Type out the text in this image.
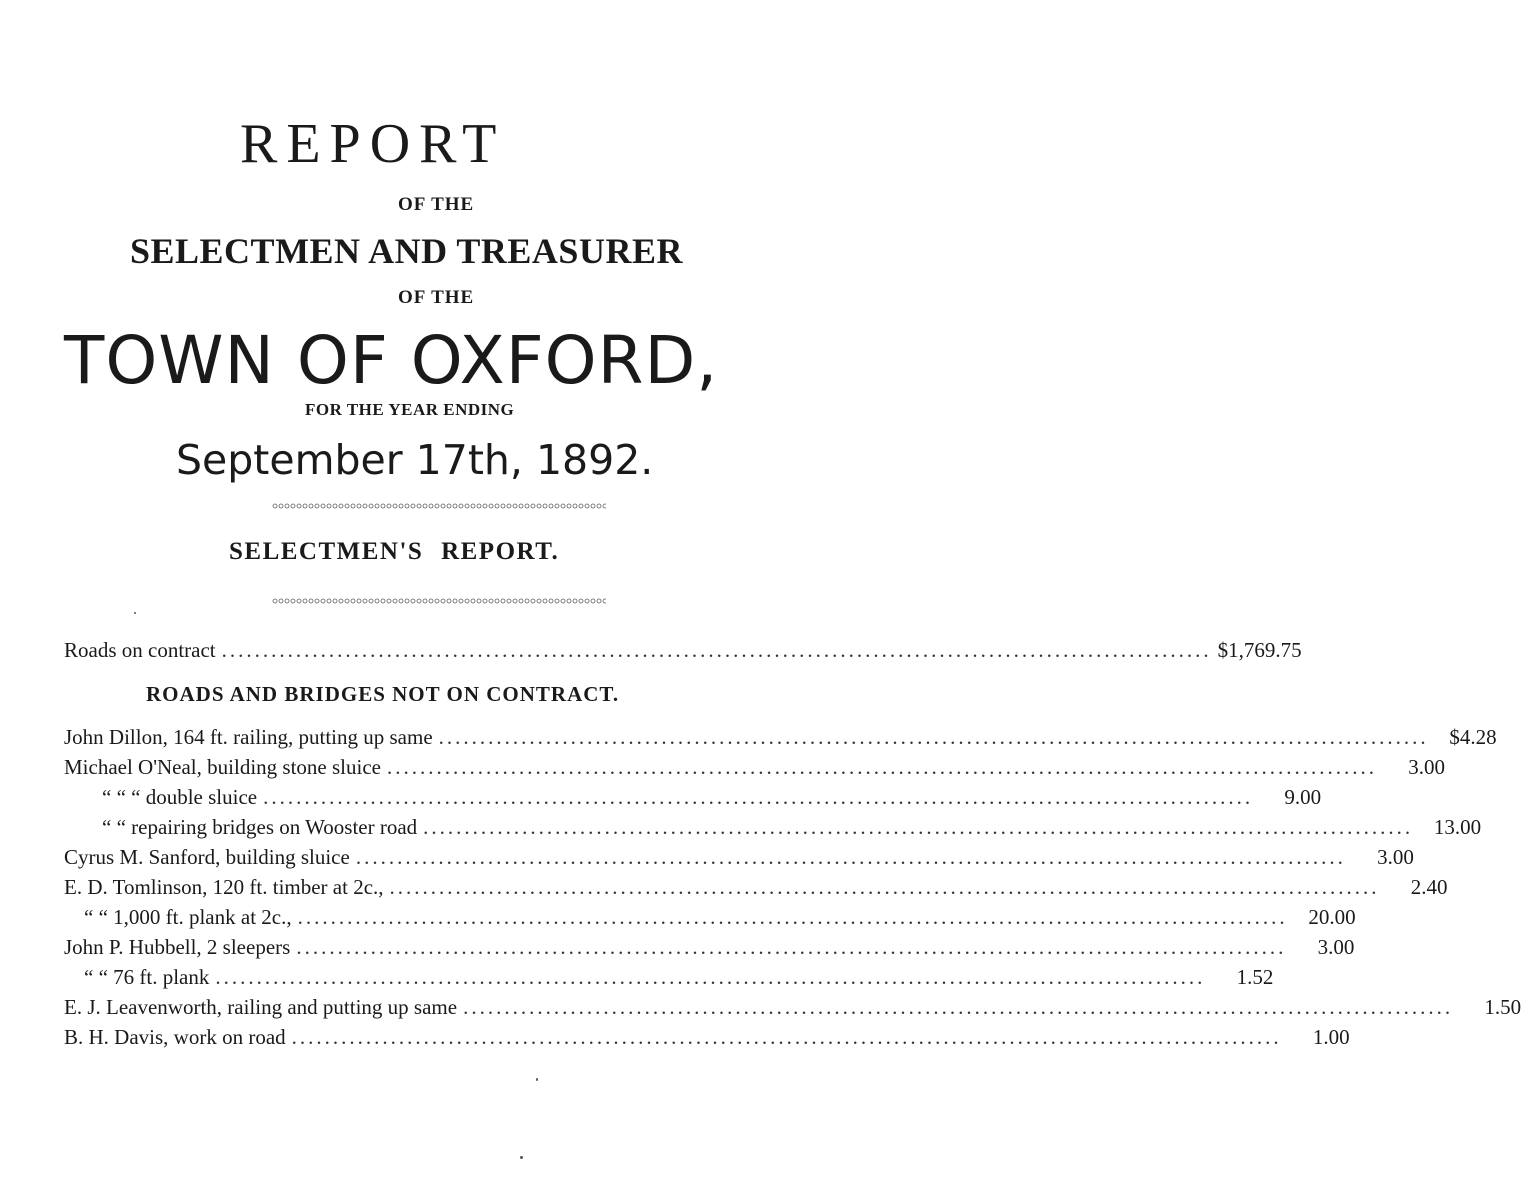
REPORT
OF THE
SELECTMEN AND TREASURER
OF THE
TOWN OF OXFORD,
FOR THE YEAR ENDING
September 17th, 1892.
SELECTMEN'S REPORT.
Roads on contract ........................................................................................................................ $1,769.75
ROADS AND BRIDGES NOT ON CONTRACT.
John Dillon, 164 ft. railing, putting up same ........................................................................................................................ $4.28
Michael O'Neal, building stone sluice ........................................................................................................................	3.00
“ “ “ double sluice ........................................................................................................................	9.00
“ “ repairing bridges on Wooster road ........................................................................................................................ 13.00
Cyrus M. Sanford, building sluice ........................................................................................................................	3.00
E. D. Tomlinson, 120 ft. timber at 2c., ........................................................................................................................	2.40
“ “ 1,000 ft. plank at 2c., ........................................................................................................................ 20.00
John P. Hubbell, 2 sleepers ........................................................................................................................	3.00
“ “ 76 ft. plank ........................................................................................................................	1.52
E. J. Leavenworth, railing and putting up same ........................................................................................................................	1.50
B. H. Davis, work on road ........................................................................................................................	1.00
